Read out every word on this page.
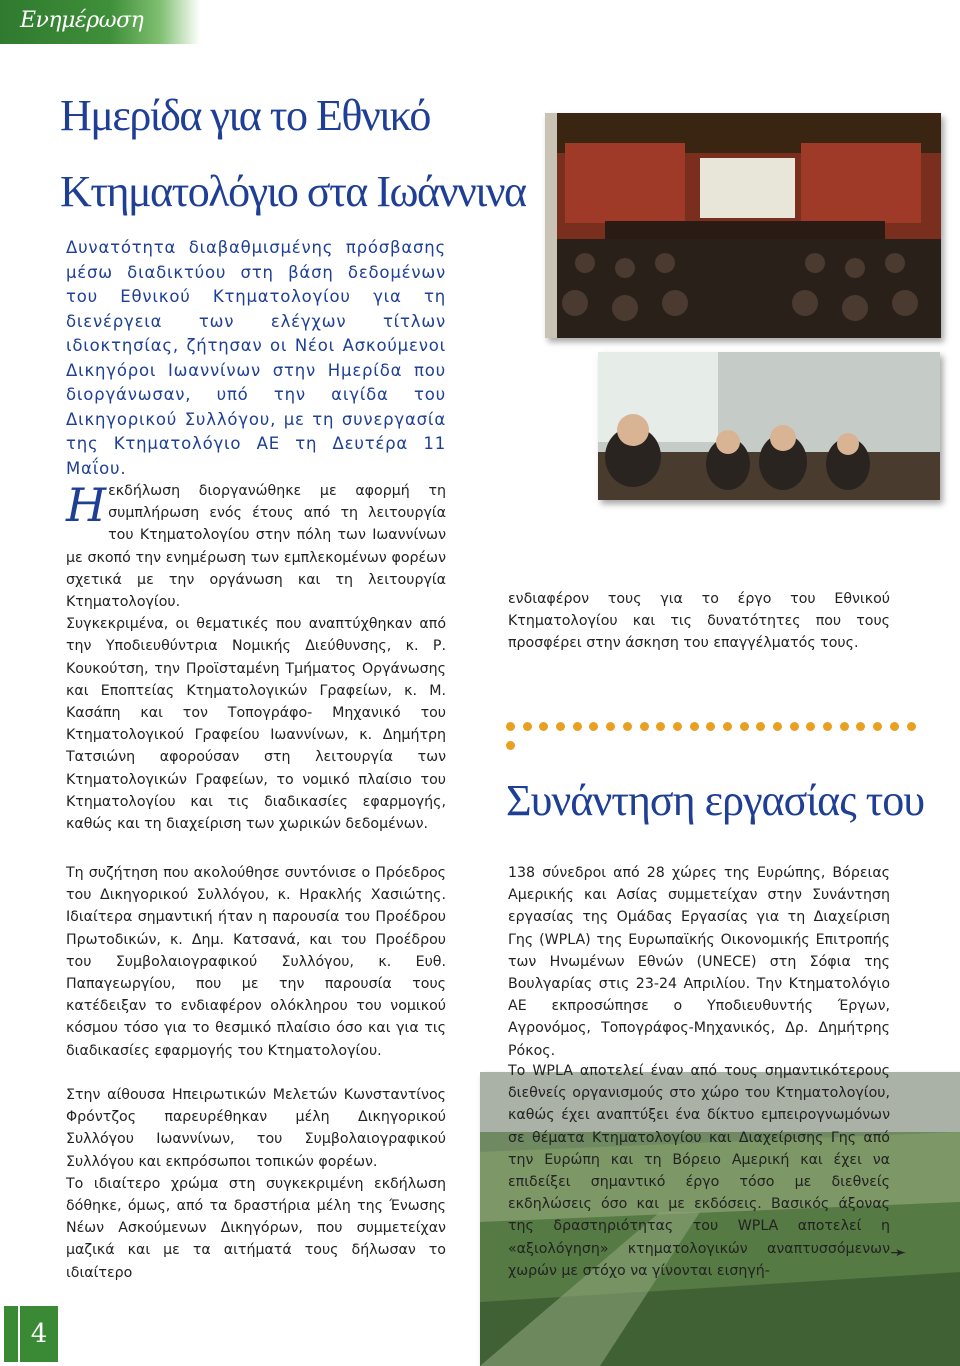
Ενημέρωση
Ημερίδα για το Εθνικό
Κτηματολόγιο στα Ιωάννινα
Δυνατότητα διαβαθμισμένης πρόσβασης μέσω διαδικτύου στη βάση δεδομένων του Εθνικού Κτηματολογίου για τη διενέργεια των ελέγχων τίτλων ιδιοκτησίας, ζήτησαν οι Νέοι Ασκούμενοι Δικηγόροι Ιωαννίνων στην Ημερίδα που διοργάνωσαν, υπό την αιγίδα του Δικηγορικού Συλλόγου, με τη συνεργασία της Κτηματολόγιο ΑΕ τη Δευτέρα 11 Μαΐου.

Ηεκδήλωση διοργανώθηκε με αφορμή τη συμπλήρωση ενός έτους από τη λειτουργία του Κτηματολογίου στην πόλη των Ιωαννίνων με σκοπό την ενημέρωση των εμπλεκομένων φορέων σχετικά με την οργάνωση και τη λειτουργία Κτηματολογίου.

Συγκεκριμένα, οι θεματικές που αναπτύχθηκαν από την Υποδιευθύντρια Νομικής Διεύθυνσης, κ. Ρ. Κουκούτση, την Προϊσταμένη Τμήματος Οργάνωσης και Εποπτείας Κτηματολογικών Γραφείων, κ. Μ. Κασάπη και τον Τοπογράφο- Μηχανικό του Κτηματολογικού Γραφείου Ιωαννίνων, κ. Δημήτρη Τατσιώνη αφορούσαν στη λειτουργία των Κτηματολογικών Γραφείων, το νομικό πλαίσιο του Κτηματολογίου και τις διαδικασίες εφαρμογής, καθώς και τη διαχείριση των χωρικών δεδομένων.

Τη συζήτηση που ακολούθησε συντόνισε ο Πρόεδρος του Δικηγορικού Συλλόγου, κ. Ηρακλής Χασιώτης. Ιδιαίτερα σημαντική ήταν η παρουσία του Προέδρου Πρωτοδικών, κ. Δημ. Κατσανά, και του Προέδρου του Συμβολαιογραφικού Συλλόγου, κ. Ευθ. Παπαγεωργίου, που με την παρουσία τους κατέδειξαν το ενδιαφέρον ολόκληρου του νομικού κόσμου τόσο για το θεσμικό πλαίσιο όσο και για τις διαδικασίες εφαρμογής του Κτηματολογίου.

Στην αίθουσα Ηπειρωτικών Μελετών Κωνσταντίνος Φρόντζος παρευρέθηκαν μέλη Δικηγορικού Συλλόγου Ιωαννίνων, του Συμβολαιογραφικού Συλλόγου και εκπρόσωποι τοπικών φορέων.

Το ιδιαίτερο χρώμα στη συγκεκριμένη εκδήλωση δόθηκε, όμως, από τα δραστήρια μέλη της Ένωσης Νέων Ασκούμενων Δικηγόρων, που συμμετείχαν μαζικά και με τα αιτήματά τους δήλωσαν το ιδιαίτερο

ενδιαφέρον τους για το έργο του Εθνικού Κτηματολογίου και τις δυνατότητες που τους προσφέρει στην άσκηση του επαγγέλματός τους.

Συνάντηση εργασίας του

138 σύνεδροι από 28 χώρες της Ευρώπης, Βόρειας Αμερικής και Ασίας συμμετείχαν στην Συνάντηση εργασίας της Ομάδας Εργασίας για τη Διαχείριση Γης (WPLA) της Ευρωπαϊκής Οικονομικής Επιτροπής των Ηνωμένων Εθνών (UNECE) στη Σόφια της Βουλγαρίας στις 23-24 Απριλίου. Την Κτηματολόγιο ΑΕ εκπροσώπησε ο Υποδιευθυντής Έργων, Αγρονόμος, Τοπογράφος-Μηχανικός, Δρ. Δημήτρης Ρόκος.

Το WPLA αποτελεί έναν από τους σημαντικότερους διεθνείς οργανισμούς στο χώρο του Κτηματολογίου, καθώς έχει αναπτύξει ένα δίκτυο εμπειρογνωμόνων σε θέματα Κτηματολογίου και Διαχείρισης Γης από την Ευρώπη και τη Βόρειο Αμερική και έχει να επιδείξει σημαντικό έργο τόσο με διεθνείς εκδηλώσεις όσο και με εκδόσεις. Βασικός άξονας της δραστηριότητας του WPLA αποτελεί η «αξιολόγηση» κτηματολογικών αναπτυσσόμενων χωρών με στόχο να γίνονται εισηγή-

➛
4
